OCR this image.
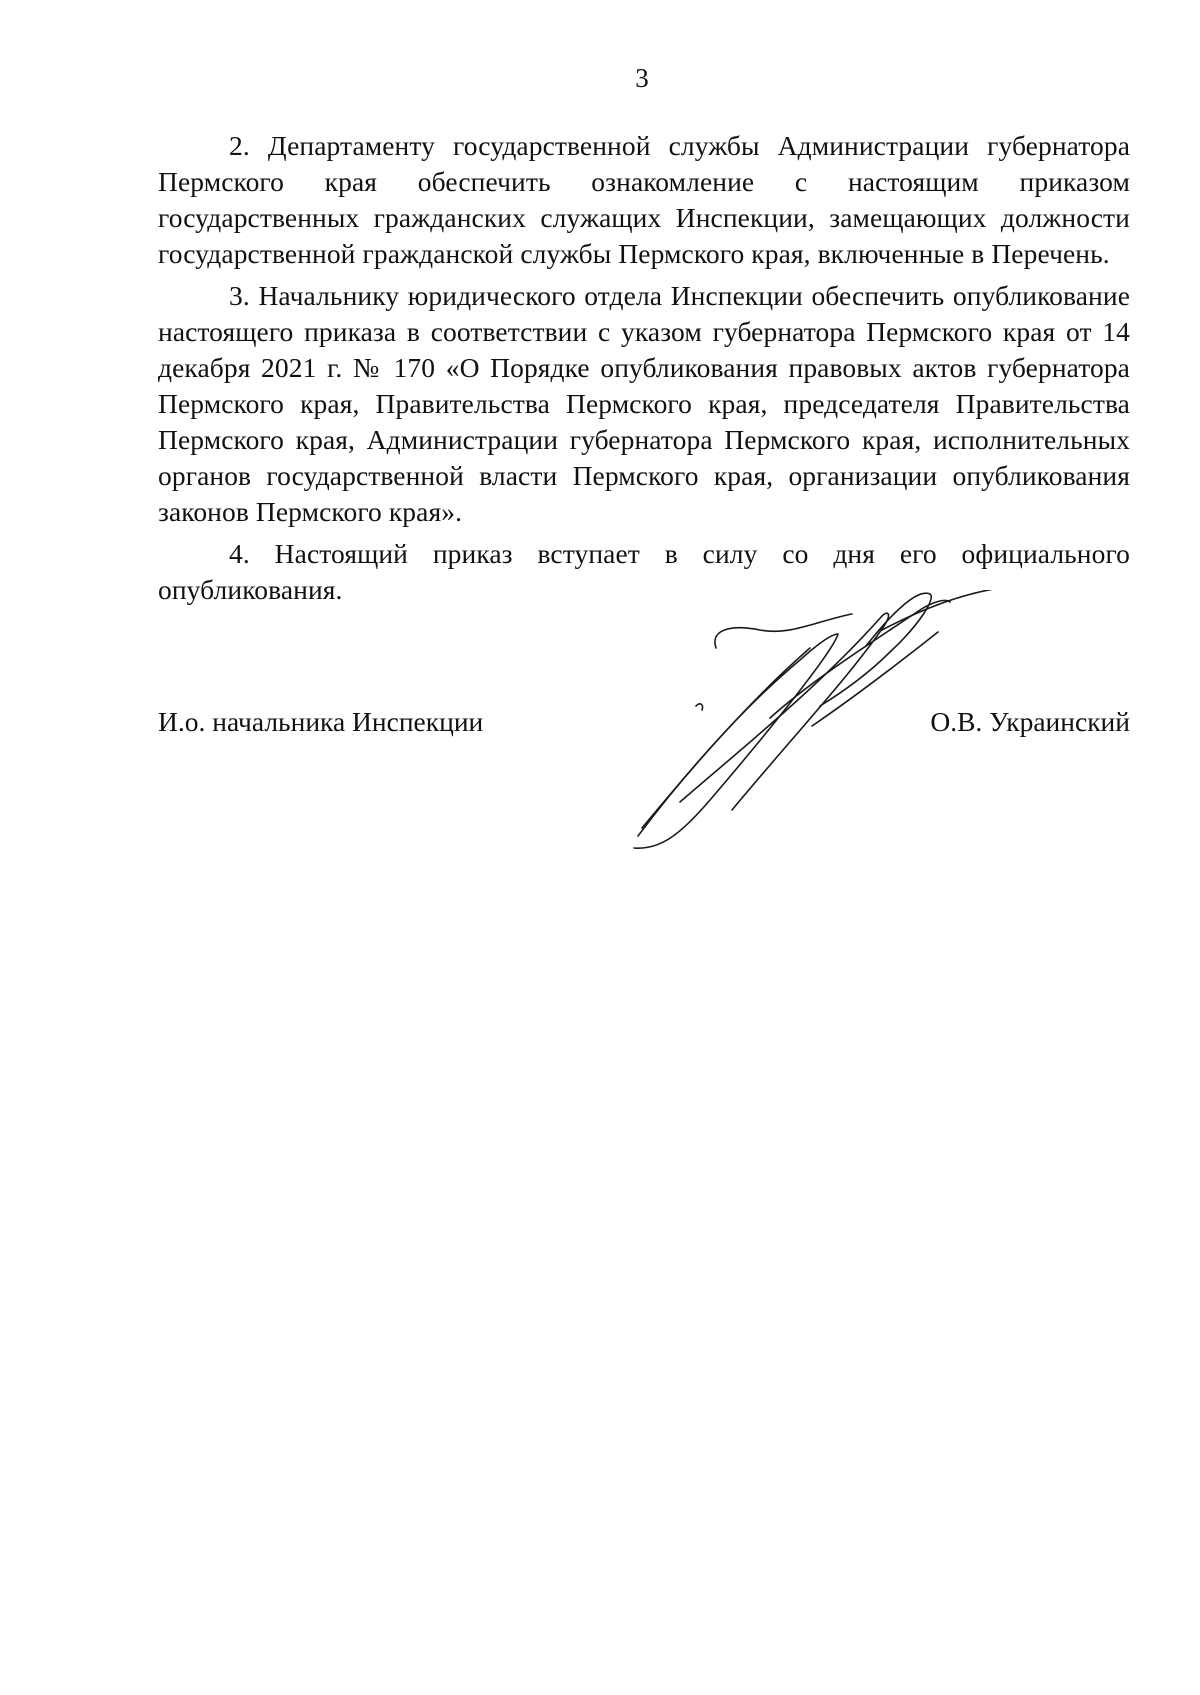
3

2. Департаменту государственной службы Администрации губернатора Пермского края обеспечить ознакомление с настоящим приказом государственных гражданских служащих Инспекции, замещающих должности государственной гражданской службы Пермского края, включенные в Перечень.

3. Начальнику юридического отдела Инспекции обеспечить опубликование настоящего приказа в соответствии с указом губернатора Пермского края от 14 декабря 2021 г. № 170 «О Порядке опубликования правовых актов губернатора Пермского края, Правительства Пермского края, председателя Правительства Пермского края, Администрации губернатора Пермского края, исполнительных органов государственной власти Пермского края, организации опубликования законов Пермского края».

4. Настоящий приказ вступает в силу со дня его официального опубликования.

И.о. начальника Инспекции	О.В. Украинский
